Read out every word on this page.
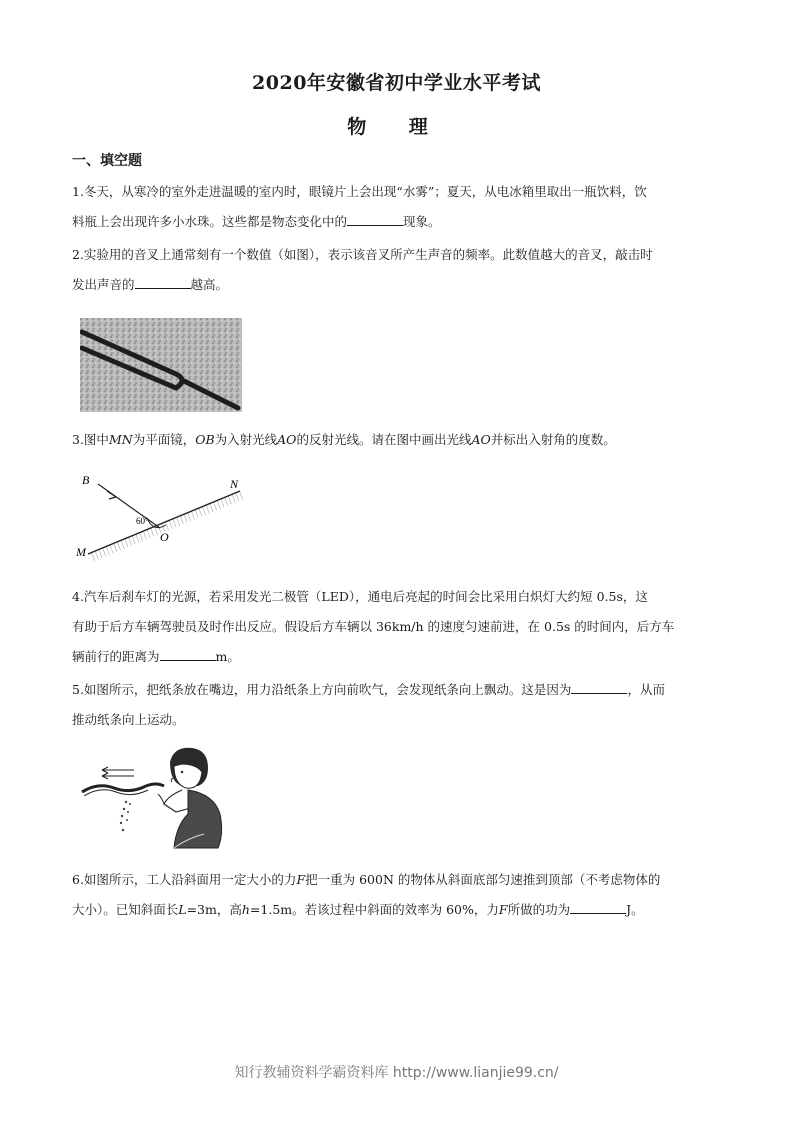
2020年安徽省初中学业水平考试
物 理
一、填空题
1.冬天，从寒冷的室外走进温暖的室内时，眼镜片上会出现“水雾”；夏天，从电冰箱里取出一瓶饮料，饮
料瓶上会出现许多小水珠。这些都是物态变化中的	现象。
2.实验用的音叉上通常刻有一个数值（如图），表示该音叉所产生声音的频率。此数值越大的音叉，敲击时
发出声音的	越高。
3.图中MN为平面镜，OB为入射光线AO的反射光线。请在图中画出光线AO并标出入射角的度数。
60°
B	N
M
O
4.汽车后刹车灯的光源，若采用发光二极管（LED），通电后亮起的时间会比采用白炽灯大约短 0.5s，这
有助于后方车辆驾驶员及时作出反应。假设后方车辆以 36km/h 的速度匀速前进，在 0.5s 的时间内，后方车
辆前行的距离为	m。
5.如图所示，把纸条放在嘴边，用力沿纸条上方向前吹气，会发现纸条向上飘动。这是因为	，从而
推动纸条向上运动。
6.如图所示，工人沿斜面用一定大小的力F把一重为 600N 的物体从斜面底部匀速推到顶部（不考虑物体的
大小）。已知斜面长L=3m，高h=1.5m。若该过程中斜面的效率为 60%，力F所做的功为	J。
知行教辅资料学霸资料库 http://www.lianjie99.cn/
